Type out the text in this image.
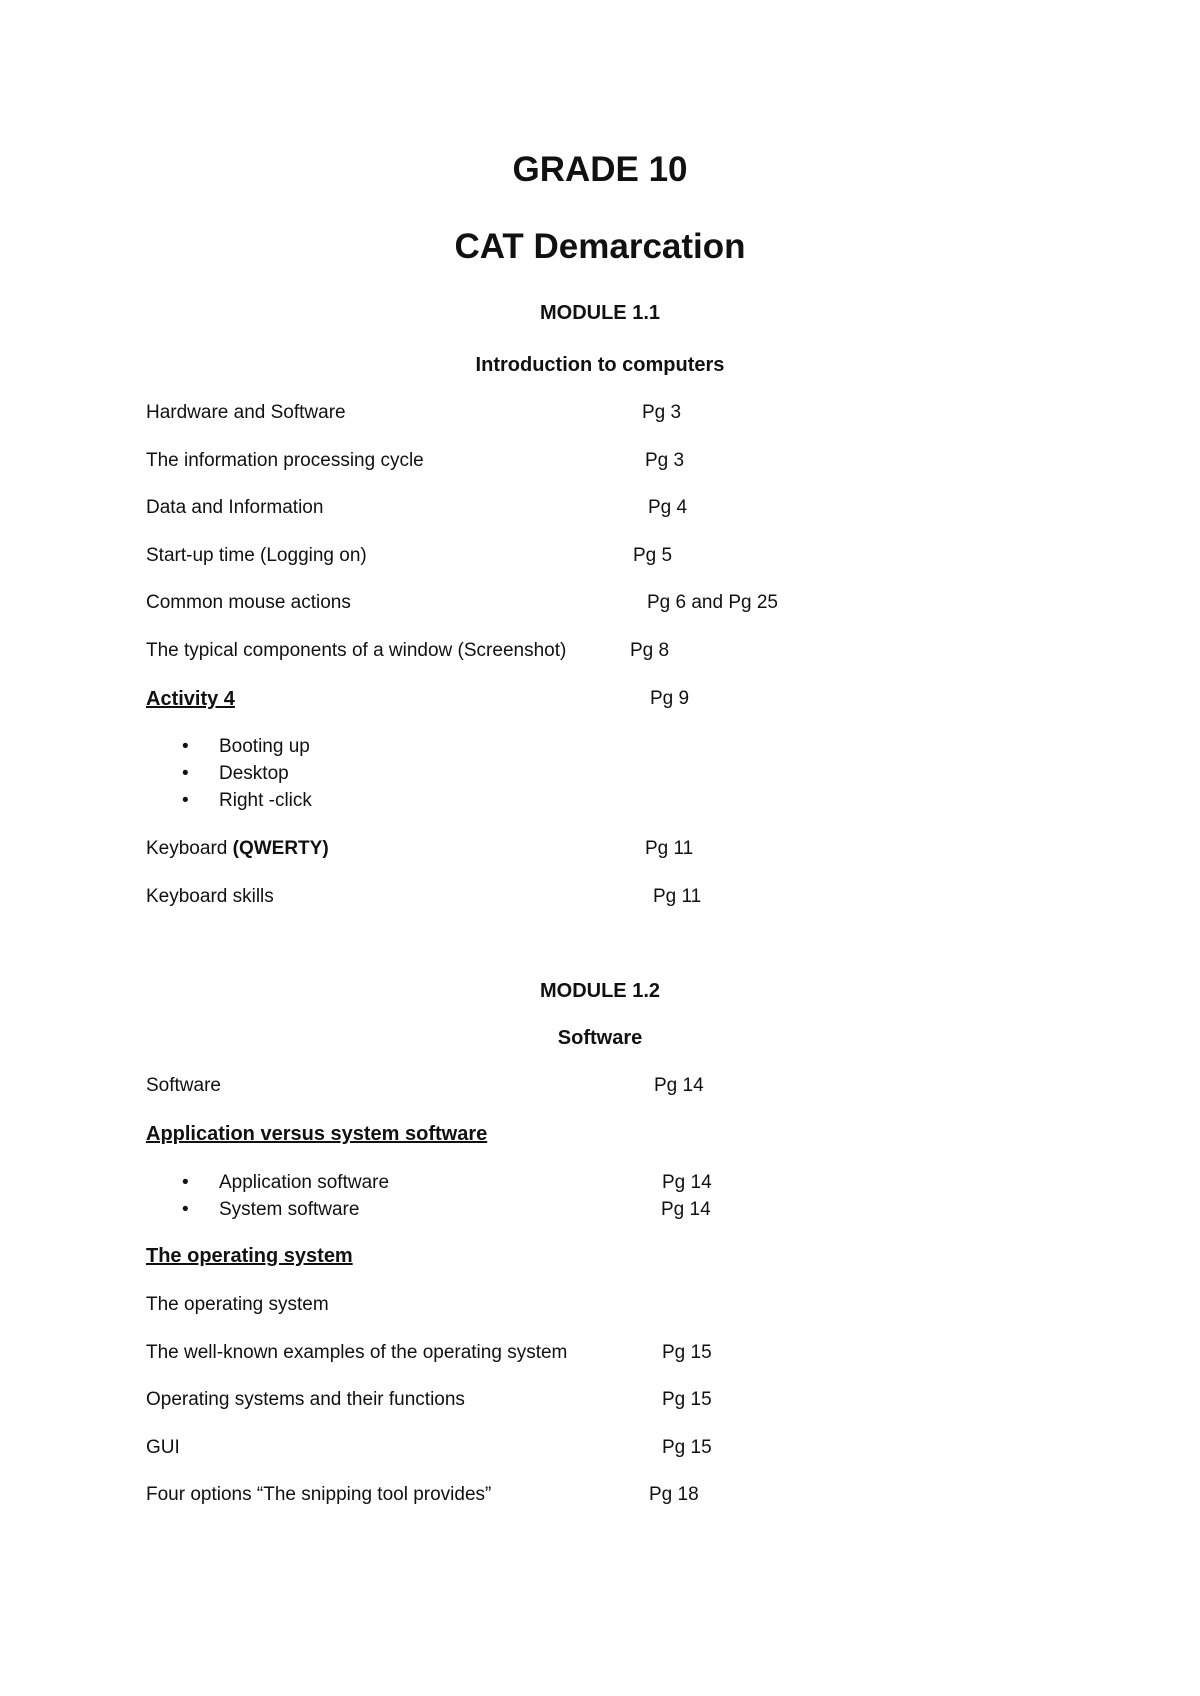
GRADE 10
CAT Demarcation
MODULE 1.1
Introduction to computers
Hardware and Software	Pg 3
The information processing cycle	Pg 3
Data and Information	Pg 4
Start-up time (Logging on)	Pg 5
Common mouse actions	Pg 6 and Pg 25
The typical components of a window (Screenshot)	Pg 8
Activity 4	Pg 9
• Booting up
• Desktop
• Right -click
Keyboard (QWERTY)	Pg 11
Keyboard skills	Pg 11
MODULE 1.2
Software
Software	Pg 14
Application versus system software
• Application software	Pg 14
• System software	Pg 14
The operating system
The operating system
The well-known examples of the operating system	Pg 15
Operating systems and their functions	Pg 15
GUI	Pg 15
Four options “The snipping tool provides”	Pg 18
